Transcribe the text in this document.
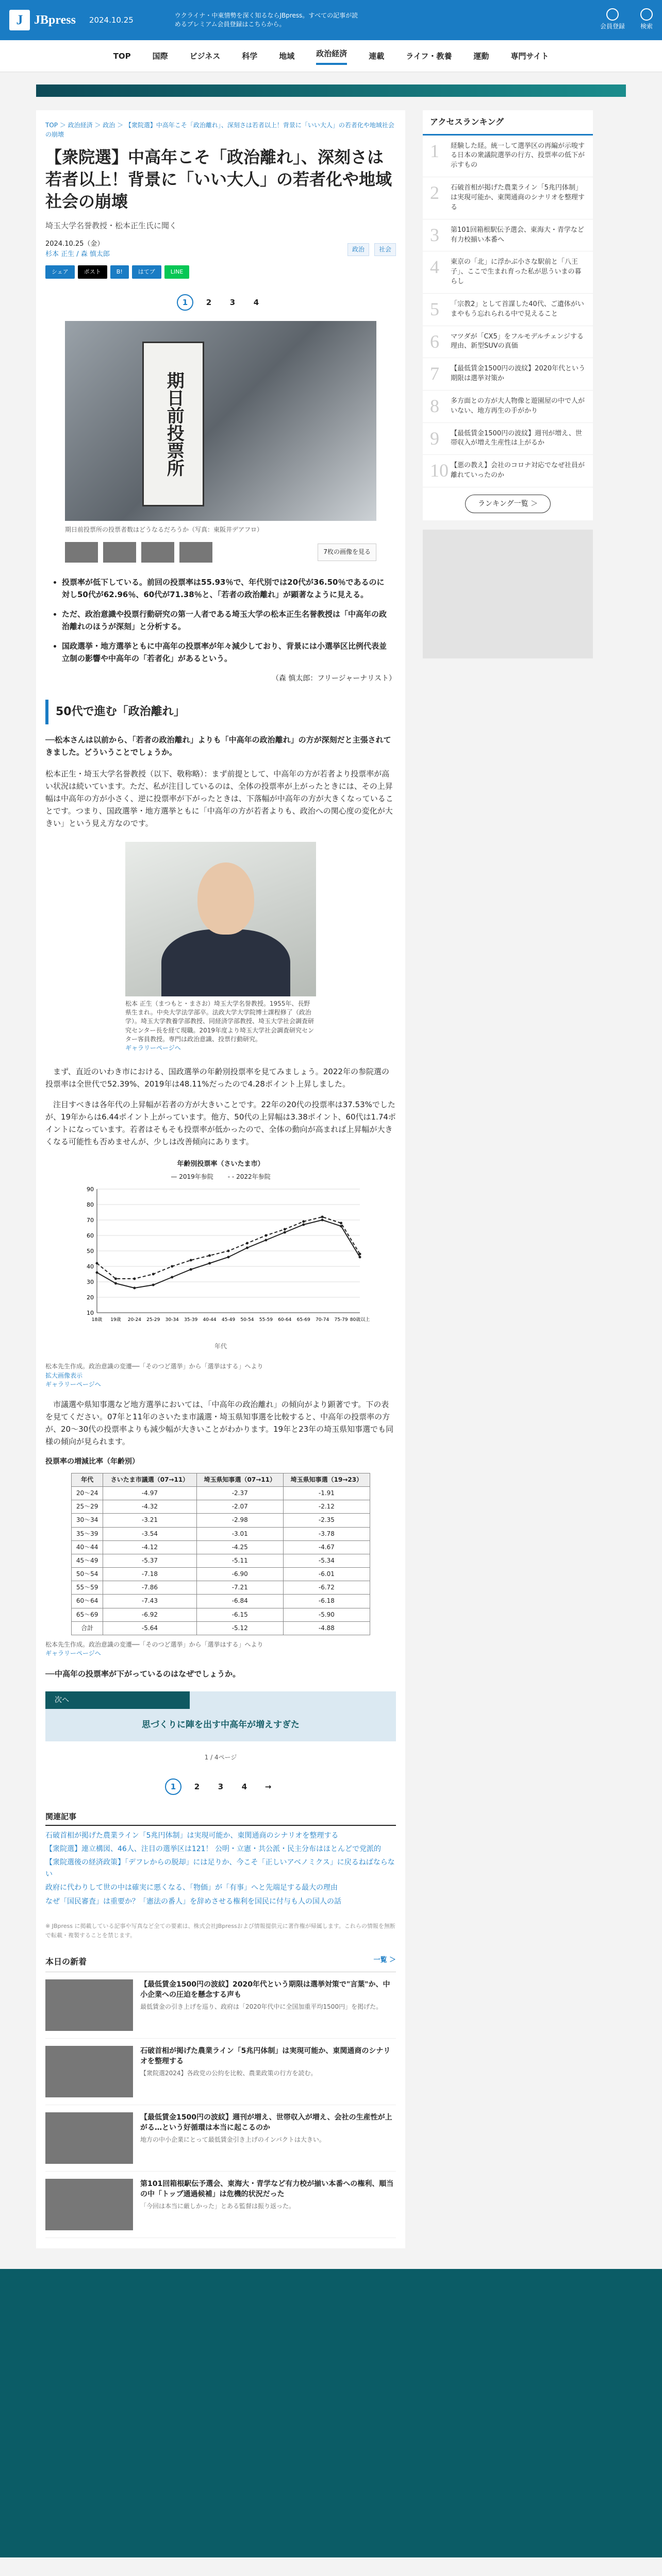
J JBpress 2024.10.25	ウクライナ・中東情勢を深く知るならJBpress。すべての記事が読めるプレミアム会員登録はこちらから。	会員登録	検索
TOP	国際	ビジネス	科学	地域	政治経済	連載	ライフ・教養	運動	専門サイト
TOP ＞ 政治経済 ＞ 政治 ＞ 【衆院選】中高年こそ「政治離れ」、深刻さは若者以上！背景に「いい大人」の若者化や地域社会の崩壊
【衆院選】中高年こそ「政治離れ」、深刻さは若者以上！背景に「いい大人」の若者化や地域社会の崩壊
埼玉大学名誉教授・松本正生氏に聞く
2024.10.25（金）
杉本 正生 / 森 慎太郎
政治 社会
シェア	ポスト	B!	はてブ	LINE
1	2	3	4
期日前投票所
期日前投票所の投票者数はどうなるだろうか（写真：東阪井デアフロ）
7枚の画像を見る
• 投票率が低下している。前回の投票率は55.93％で、年代別では20代が36.50％であるのに対し50代が62.96％、60代が71.38％と、「若者の政治離れ」が顕著なように見える。
• ただ、政治意識や投票行動研究の第一人者である埼玉大学の松本正生名誉教授は「中高年の政治離れのほうが深刻」と分析する。
• 国政選挙・地方選挙ともに中高年の投票率が年々減少しており、背景には小選挙区比例代表並立制の影響や中高年の「若者化」があるという。
（森 慎太郎：フリージャーナリスト）
50代で進む「政治離れ」
──松本さんは以前から、「若者の政治離れ」よりも「中高年の政治離れ」の方が深刻だと主張されてきました。どういうことでしょうか。

松本正生・埼玉大学名誉教授（以下、敬称略）：まず前提として、中高年の方が若者より投票率が高い状況は続いています。ただ、私が注目しているのは、全体の投票率が上がったときには、その上昇幅は中高年の方が小さく、逆に投票率が下がったときは、下落幅が中高年の方が大きくなっていることです。つまり、国政選挙・地方選挙ともに「中高年の方が若者よりも、政治への関心度の変化が大きい」という見え方なのです。

松本 正生（まつもと・まさお）埼玉大学名誉教授。1955年、長野県生まれ。中央大学法学部卒。法政大学大学院博士課程修了（政治学）。埼玉大学教養学部教授、同経済学部教授、埼玉大学社会調査研究センター長を経て現職。2019年度より埼玉大学社会調査研究センター客員教授。専門は政治意識、投票行動研究。
ギャラリーページへ

　まず、直近のいわき市における、国政選挙の年齢別投票率を見てみましょう。2022年の参院選の投票率は全世代で52.39%、2019年は48.11%だったので4.28ポイント上昇しました。

　注目すべきは各年代の上昇幅が若者の方が大きいことです。22年の20代の投票率は37.53%でしたが、19年からは6.44ポイント上がっています。他方、50代の上昇幅は3.38ポイント、60代は1.74ポイントになっています。若者はそもそも投票率が低かったので、全体の動向が高まれば上昇幅が大きくなる可能性も否めませんが、少しは改善傾向にあります。

年齢別投票率（さいたま市）
— 2019年参院 - - 2022年参院
10
20
30
40
50
60
70
80
90
18歳 19歳 20-24 25-29 30-34 35-39 40-44 45-49 50-54 55-59 60-64 65-69 70-74 75-79 80歳以上
年代
松本先生作成。政治意識の変遷──「そのつど選挙」から「選挙はする」へより
拡大画像表示
ギャラリーページへ

　市議選や県知事選など地方選挙においては、「中高年の政治離れ」の傾向がより顕著です。下の表を見てください。07年と11年のさいたま市議選・埼玉県知事選を比較すると、中高年の投票率の方が、20〜30代の投票率よりも減少幅が大きいことがわかります。19年と23年の埼玉県知事選でも同様の傾向が見られます。

投票率の増減比率（年齢別）
年代	さいたま市議選（07→11）	埼玉県知事選（07→11）	埼玉県知事選（19→23）
20〜24	-4.97	-2.37	-1.91
25〜29	-4.32	-2.07	-2.12
30〜34	-3.21	-2.98	-2.35
35〜39	-3.54	-3.01	-3.78
40〜44	-4.12	-4.25	-4.67
45〜49	-5.37	-5.11	-5.34
50〜54	-7.18	-6.90	-6.01
55〜59	-7.86	-7.21	-6.72
60〜64	-7.43	-6.84	-6.18
65〜69	-6.92	-6.15	-5.90
合計	-5.64	-5.12	-4.88
松本先生作成。政治意識の変遷──「そのつど選挙」から「選挙はする」へより
ギャラリーページへ
──中高年の投票率が下がっているのはなぜでしょうか。
次へ
思づくりに陣を出す中高年が増えすぎた
1 / 4ページ
1	2	3	4	→
関連記事
石破首相が掲げた農業ライン「5兆円体制」は実現可能か、東関通商のシナリオを整理する
【衆院選】連立構図、46人、注目の選挙区は121！ 公明・立憲・共公派・民主分布はほとんどで党派的
【衆院選後の経済政策】「デフレからの脱却」には足りか、今こそ「正しいアベノミクス」に戻るねばならない
政府に代わりして世の中は確実に悪くなる、「物価」が「有事」へと先端足する最大の理由
なぜ「国民審査」は重要か？「憲法の番人」を辞めさせる権利を国民に付与も人の国人の話
※ JBpress に掲載している記事や写真など全ての要素は、株式会社JBpressおよび情報提供元に著作権が帰属します。これらの情報を無断で転載・複製することを禁じます。
本日の新着	一覧 ＞
【最低賃金1500円の波紋】2020年代という期限は選挙対策で"言葉"か、中小企業への圧迫を懸念する声も
最低賃金の引き上げを巡り、政府は「2020年代中に全国加重平均1500円」を掲げた。
石破首相が掲げた農業ライン「5兆円体制」は実現可能か、東関通商のシナリオを整理する
【衆院選2024】各政党の公約を比較、農業政策の行方を読む。
【最低賃金1500円の波紋】週刊が増え、世帯収入が増え、会社の生産性が上がる…という好循環は本当に起こるのか
地方の中小企業にとって最低賃金引き上げのインパクトは大きい。
第101回箱根駅伝予選会、東海大・青学など有力校が揃い本番への権利、順当の中「トップ通過候補」は危機的状況だった
「今回は本当に厳しかった」とある監督は振り返った。
アクセスランキング
1	経験した経。統一して選挙区の再編が示唆する日本の衆議院選挙の行方、投票率の低下が示すもの
2	石破首相が掲げた農業ライン「5兆円体制」は実現可能か、東関通商のシナリオを整理する
3	第101回箱根駅伝予選会、東海大・青学など有力校揃い本番へ
4	東京の「北」に浮かぶ小さな駅前と「八王子」、ここで生まれ育った私が思ういまの暮らし
5	「宗教2」として首謀した40代、ご遺体がいまやもう忘れられる中で見えること
6	マツダが「CX5」をフルモデルチェンジする理由、新型SUVの真価
7	【最低賃金1500円の波紋】2020年代という期限は選挙対策か
8	多方面との方が大人物像と遊園屋の中で人がいない、地方再生の手がかり
9	【最低賃金1500円の波紋】週刊が増え、世帯収入が増え生産性は上がるか
10 【悪の教え】会社のコロナ対応でなぜ社員が離れていったのか
ランキング一覧 ＞
